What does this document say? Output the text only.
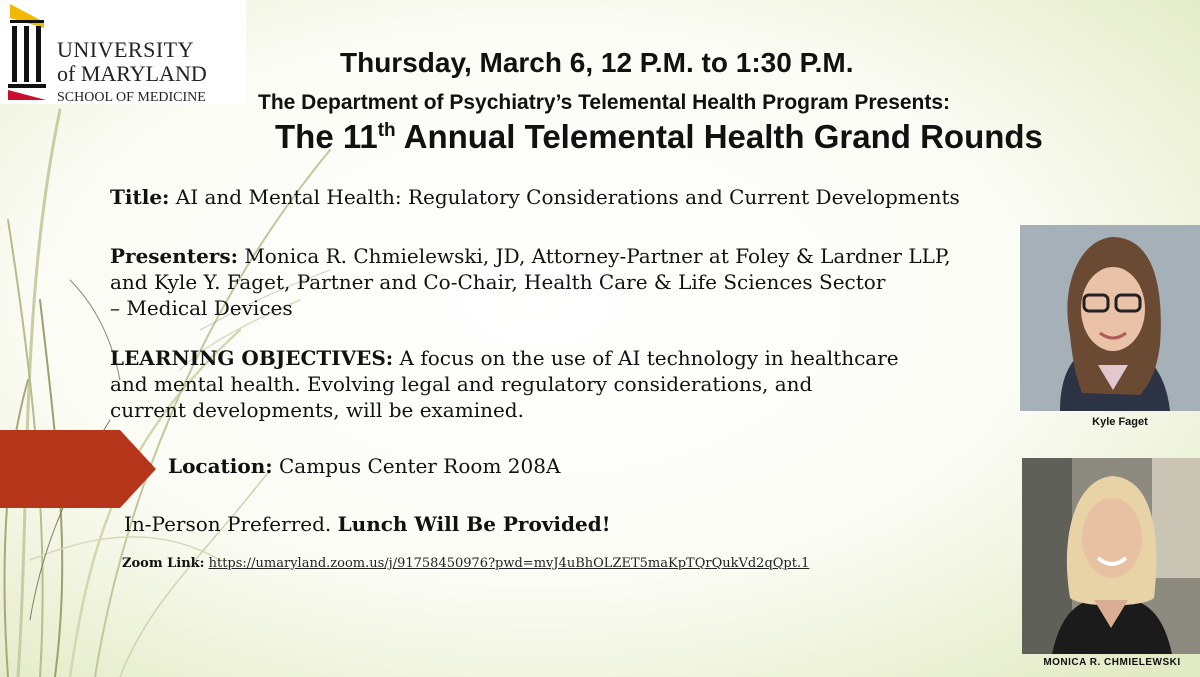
UNIVERSITY
of MARYLAND
SCHOOL OF MEDICINE
Thursday, March 6, 12 P.M. to 1:30 P.M.
The Department of Psychiatry’s Telemental Health Program Presents:
The 11th Annual Telemental Health Grand Rounds
Title: AI and Mental Health: Regulatory Considerations and Current Developments
Presenters: Monica R. Chmielewski, JD, Attorney-Partner at Foley & Lardner LLP,
and Kyle Y. Faget, Partner and Co-Chair, Health Care & Life Sciences Sector
– Medical Devices
LEARNING OBJECTIVES: A focus on the use of AI technology in healthcare
and mental health. Evolving legal and regulatory considerations, and
current developments, will be examined.
Location: Campus Center Room 208A
In-Person Preferred. Lunch Will Be Provided!
Zoom Link: https://umaryland.zoom.us/j/91758450976?pwd=mvJ4uBhOLZET5maKpTQrQukVd2qQpt.1
Kyle Faget
MONICA R. CHMIELEWSKI
